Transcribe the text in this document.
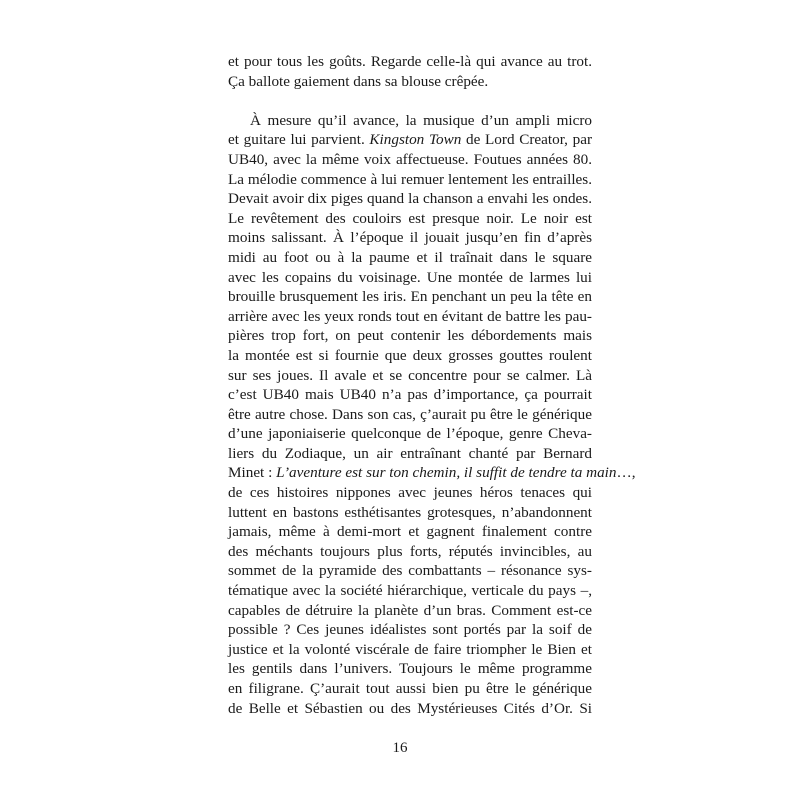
et pour tous les goûts. Regarde celle-là qui avance au trot.
Ça ballote gaiement dans sa blouse crêpée.
À mesure qu’il avance, la musique d’un ampli micro
et guitare lui parvient. Kingston Town de Lord Creator, par
UB40, avec la même voix affectueuse. Foutues années 80.
La mélodie commence à lui remuer lentement les entrailles.
Devait avoir dix piges quand la chanson a envahi les ondes.
Le revêtement des couloirs est presque noir. Le noir est
moins salissant. À l’époque il jouait jusqu’en fin d’après
midi au foot ou à la paume et il traînait dans le square
avec les copains du voisinage. Une montée de larmes lui
brouille brusquement les iris. En penchant un peu la tête en
arrière avec les yeux ronds tout en évitant de battre les pau-
pières trop fort, on peut contenir les débordements mais
la montée est si fournie que deux grosses gouttes roulent
sur ses joues. Il avale et se concentre pour se calmer. Là
c’est UB40 mais UB40 n’a pas d’importance, ça pourrait
être autre chose. Dans son cas, ç’aurait pu être le générique
d’une japoniaiserie quelconque de l’époque, genre Cheva-
liers du Zodiaque, un air entraînant chanté par Bernard
Minet : L’aventure est sur ton chemin, il suffit de tendre ta main…,
de ces histoires nippones avec jeunes héros tenaces qui
luttent en bastons esthétisantes grotesques, n’abandonnent
jamais, même à demi-mort et gagnent finalement contre
des méchants toujours plus forts, réputés invincibles, au
sommet de la pyramide des combattants – résonance sys-
tématique avec la société hiérarchique, verticale du pays –,
capables de détruire la planète d’un bras. Comment est-ce
possible ? Ces jeunes idéalistes sont portés par la soif de
justice et la volonté viscérale de faire triompher le Bien et
les gentils dans l’univers. Toujours le même programme
en filigrane. Ç’aurait tout aussi bien pu être le générique
de Belle et Sébastien ou des Mystérieuses Cités d’Or. Si
16
